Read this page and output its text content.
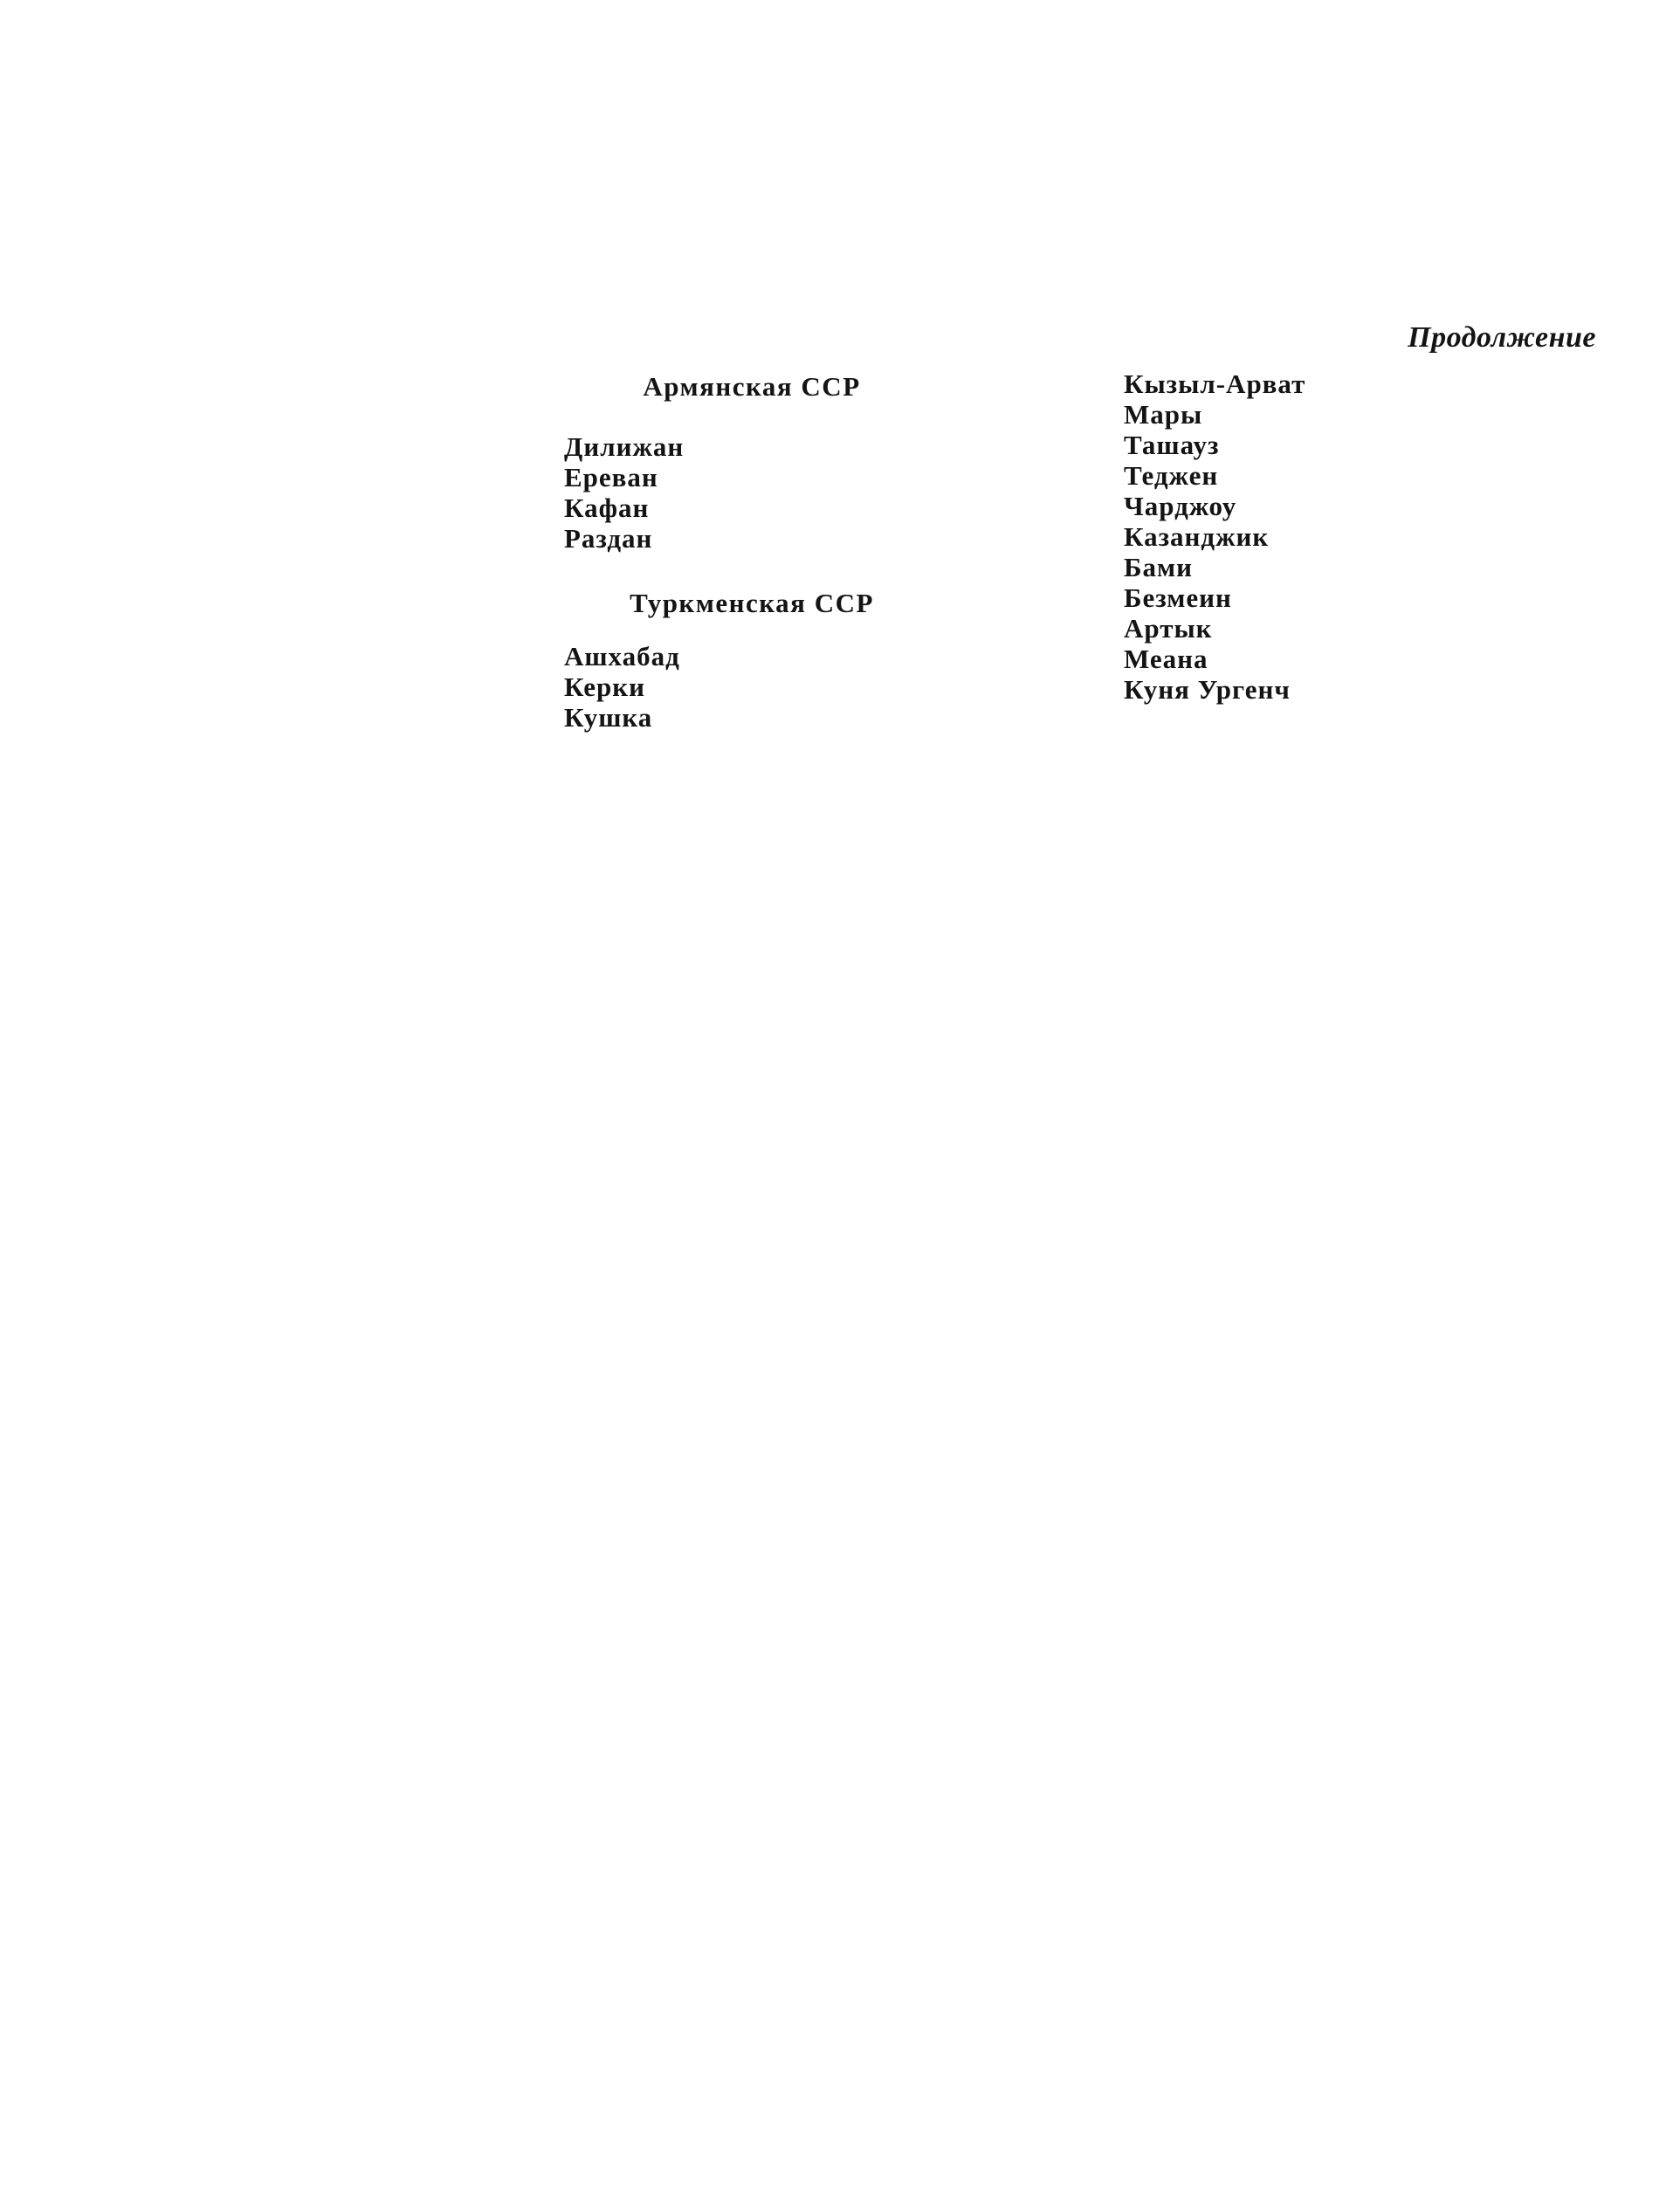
Продолжение
Армянская ССР
Дилижан
Ереван
Кафан
Раздан
Туркменская ССР
Ашхабад
Керки
Кушка
Кызыл-Арват
Мары
Ташауз
Теджен
Чарджоу
Казанджик
Бами
Безмеин
Артык
Меана
Куня Ургенч
